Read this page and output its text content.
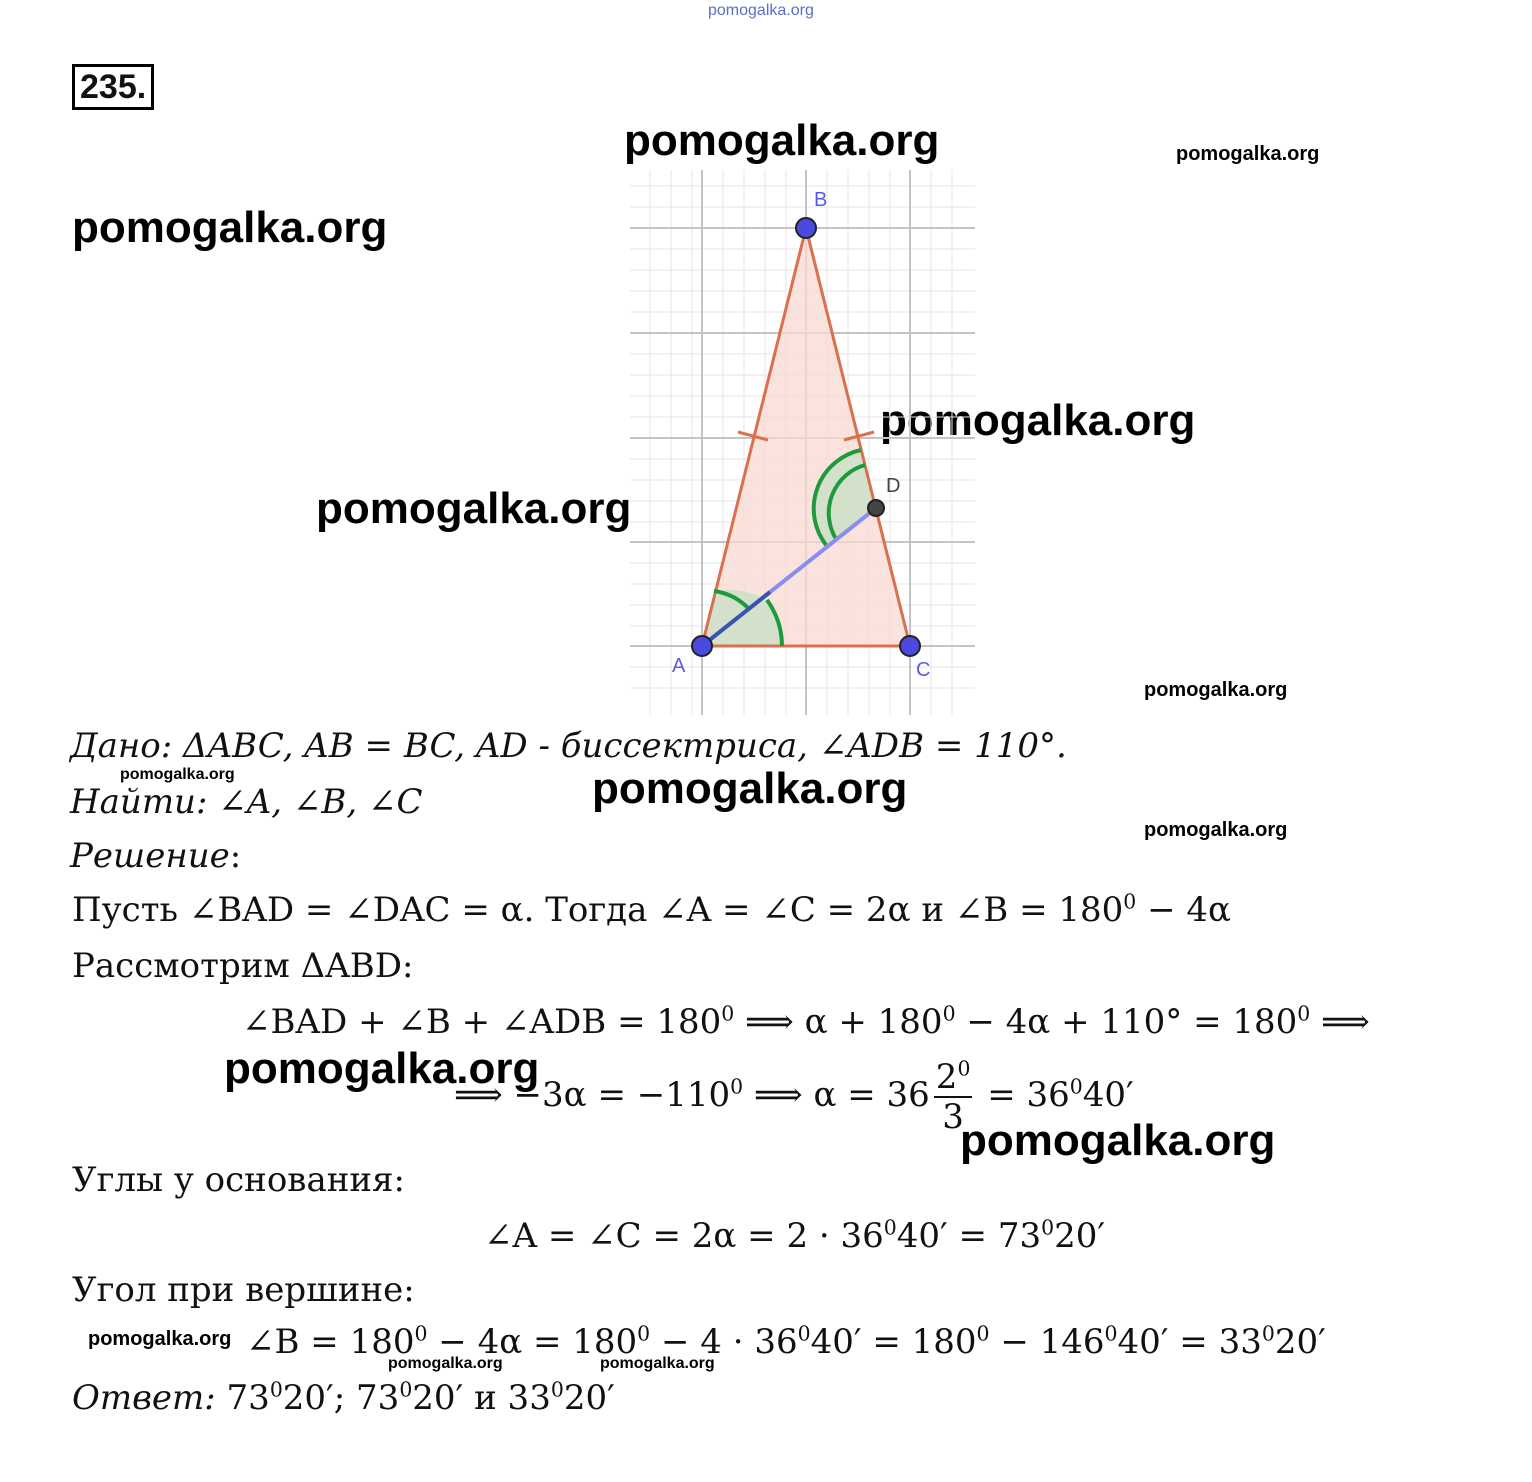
pomogalka.org
235.
pomogalka.org	pomogalka.org
pomogalka.org
pomogalka.org
pomogalka.org
pomogalka.org
pomogalka.org	pomogalka.org
pomogalka.org
B
A	C
D
Дано: ΔABC, AB = BC, AD - биссектриса, ∠ADB = 110°.
Найти: ∠A, ∠B, ∠C
Решение:
Пусть ∠BAD = ∠DAC = α. Тогда ∠A = ∠C = 2α и ∠B = $180^0 - 4\alpha$
Рассмотрим ΔABD:
∠BAD + ∠B + ∠ADB = $180^0$ ⟹ $\alpha + 180^0 - 4\alpha + 110^\circ = 180^0$ ⟹
pomogalka.org
⟹ $-3\alpha = -110^0$ ⟹ $\alpha = 36 \frac{2^0}{3} = 36^040'$
pomogalka.org
Углы у основания:
∠A = ∠C = $2\alpha = 2 \cdot 36^040' = 73^020'$
Угол при вершине:
pomogalka.org ∠B = $180^0 - 4\alpha = 180^0 - 4 \cdot 36^040' = 180^0 - 146^040' = 33^020'$
pomogalka.org	pomogalka.org
Ответ: $73^020'$; $73^020'$ и $33^020'$
